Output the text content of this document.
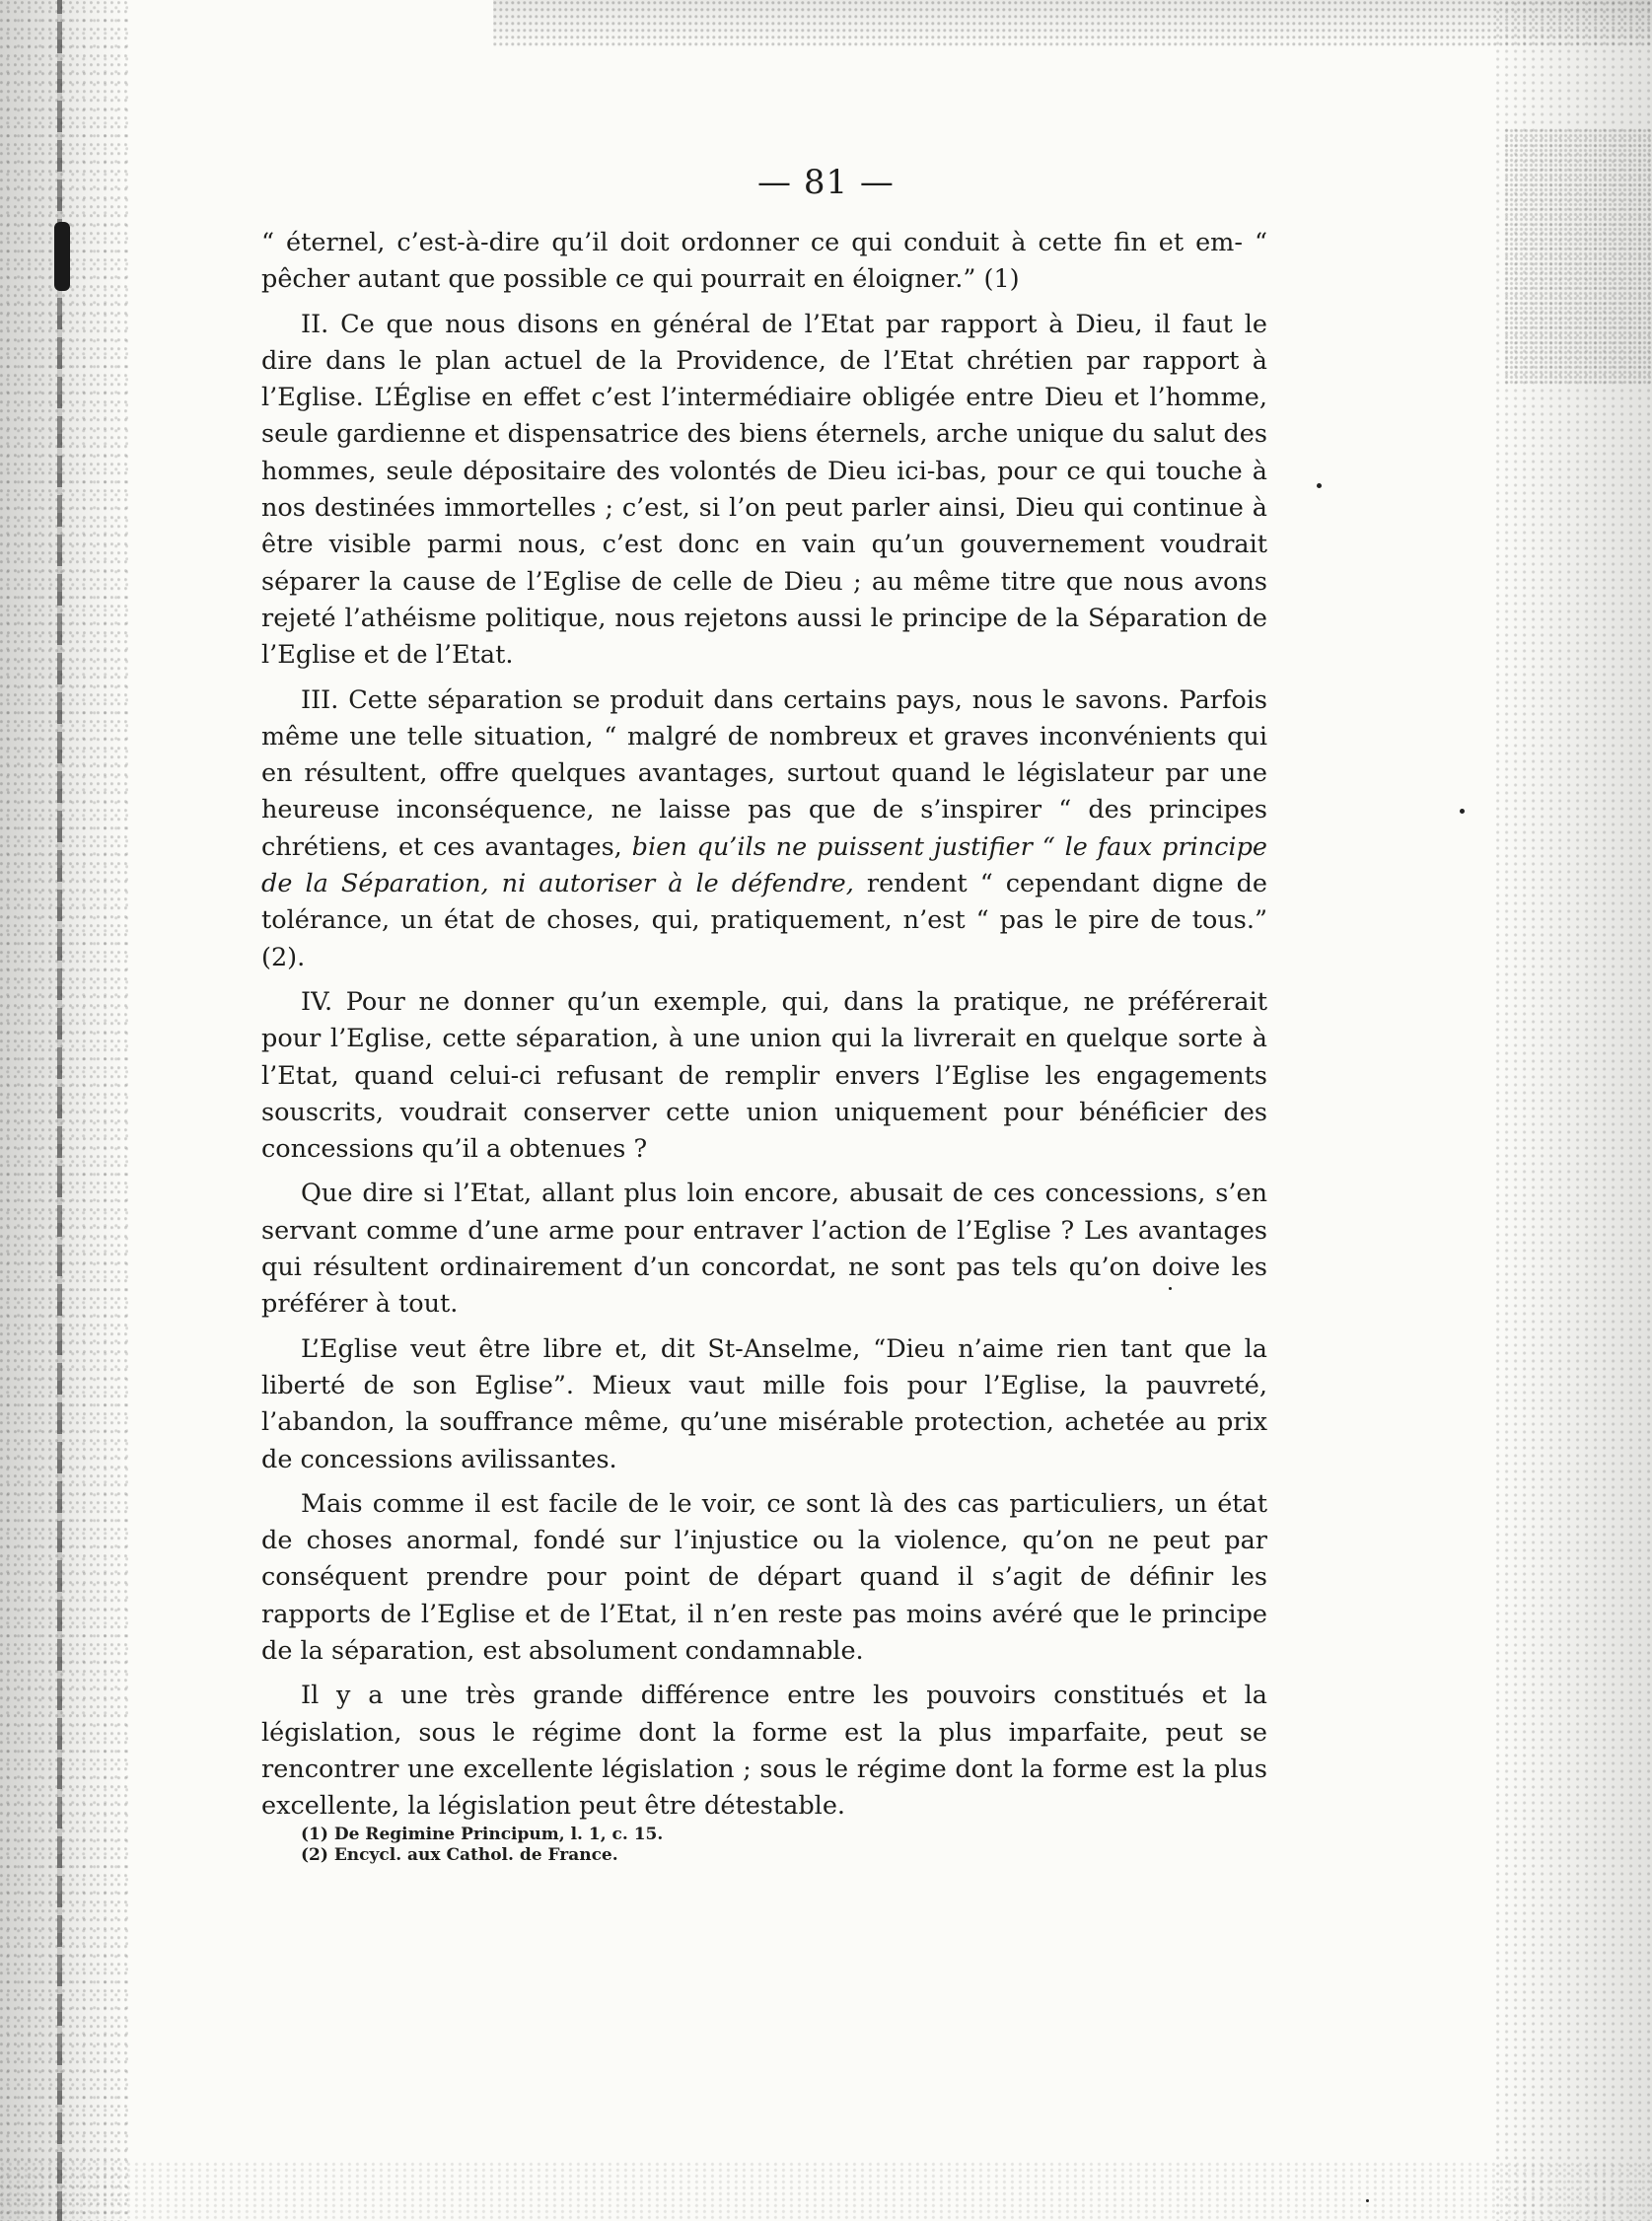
— 81 —

“ éternel, c’est-à-dire qu’il doit ordonner ce qui conduit à cette fin et em- “ pêcher autant que possible ce qui pourrait en éloigner.” (1)

II. Ce que nous disons en général de l’Etat par rapport à Dieu, il faut le dire dans le plan actuel de la Providence, de l’Etat chrétien par rapport à l’Eglise. L’Église en effet c’est l’intermédiaire obligée entre Dieu et l’homme, seule gardienne et dispensatrice des biens éternels, arche unique du salut des hommes, seule dépositaire des volontés de Dieu ici-bas, pour ce qui touche à nos destinées immortelles ; c’est, si l’on peut parler ainsi, Dieu qui continue à être visible parmi nous, c’est donc en vain qu’un gouvernement voudrait séparer la cause de l’Eglise de celle de Dieu ; au même titre que nous avons rejeté l’athéisme politique, nous rejetons aussi le principe de la Séparation de l’Eglise et de l’Etat.

III. Cette séparation se produit dans certains pays, nous le savons. Parfois même une telle situation, “ malgré de nombreux et graves inconvénients qui en résultent, offre quelques avantages, surtout quand le législateur par une heureuse inconséquence, ne laisse pas que de s’inspirer “ des principes chrétiens, et ces avantages, bien qu’ils ne puissent justifier “ le faux principe de la Séparation, ni autoriser à le défendre, rendent “ cependant digne de tolérance, un état de choses, qui, pratiquement, n’est “ pas le pire de tous.” (2).

IV. Pour ne donner qu’un exemple, qui, dans la pratique, ne préférerait pour l’Eglise, cette séparation, à une union qui la livrerait en quelque sorte à l’Etat, quand celui-ci refusant de remplir envers l’Eglise les engagements souscrits, voudrait conserver cette union uniquement pour bénéficier des concessions qu’il a obtenues ?

Que dire si l’Etat, allant plus loin encore, abusait de ces concessions, s’en servant comme d’une arme pour entraver l’action de l’Eglise ? Les avantages qui résultent ordinairement d’un concordat, ne sont pas tels qu’on doive les préférer à tout.

L’Eglise veut être libre et, dit St-Anselme, “Dieu n’aime rien tant que la liberté de son Eglise”. Mieux vaut mille fois pour l’Eglise, la pauvreté, l’abandon, la souffrance même, qu’une misérable protection, achetée au prix de concessions avilissantes.

Mais comme il est facile de le voir, ce sont là des cas particuliers, un état de choses anormal, fondé sur l’injustice ou la violence, qu’on ne peut par conséquent prendre pour point de départ quand il s’agit de définir les rapports de l’Eglise et de l’Etat, il n’en reste pas moins avéré que le principe de la séparation, est absolument condamnable.

Il y a une très grande différence entre les pouvoirs constitués et la législation, sous le régime dont la forme est la plus imparfaite, peut se rencontrer une excellente législation ; sous le régime dont la forme est la plus excellente, la législation peut être détestable.

(1) De Regimine Principum, l. 1, c. 15.
(2) Encycl. aux Cathol. de France.
